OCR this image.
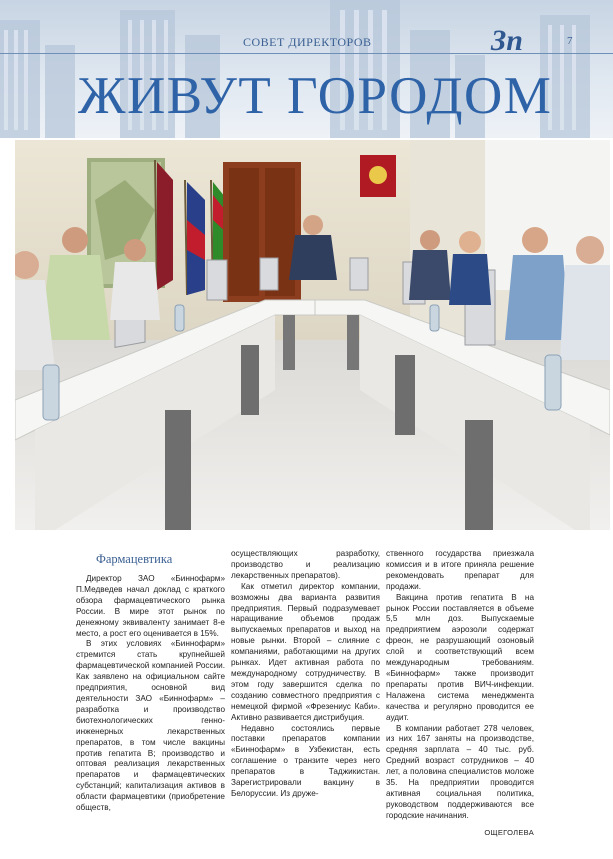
СОВЕТ ДИРЕКТОРОВ	Зп	7
ЖИВУТ ГОРОДОМ
Фармацевтика

Директор ЗАО «Биннофарм» П.Медведев начал доклад с краткого обзора фармацевтического рынка России. В мире этот рынок по денежному эквиваленту занимает 8-е место, а рост его оценивается в 15%.

В этих условиях «Биннофарм» стремится стать крупнейшей фармацевтической компанией России. Как заявлено на официальном сайте предприятия, основной вид деятельности ЗАО «Биннофарм» – разработка и производство биотехнологических генно-инженерных лекарственных препаратов, в том числе вакцины против гепатита В; производство и оптовая реализация лекарственных препаратов и фармацевтических субстанций; капитализация активов в области фармацевтики (приобретение обществ,

осуществляющих разработку, производство и реализацию лекарственных препаратов).

Как отметил директор компании, возможны два варианта развития предприятия. Первый подразумевает наращивание объемов продаж выпускаемых препаратов и выход на новые рынки. Второй – слияние с компаниями, работающими на других рынках. Идет активная работа по международному сотрудничеству. В этом году завершится сделка по созданию совместного предприятия с немецкой фирмой «Фрезениус Каби». Активно развивается дистрибуция.

Недавно состоялись первые поставки препаратов компании «Биннофарм» в Узбекистан, есть соглашение о транзите через него препаратов в Таджикистан. Зарегистрировали вакцину в Белоруссии. Из друже-

ственного государства приезжала комиссия и в итоге приняла решение рекомендовать препарат для продажи.

Вакцина против гепатита В на рынок России поставляется в объеме 5,5 млн доз. Выпускаемые предприятием аэрозоли содержат фреон, не разрушающий озоновый слой и соответствующий всем международным требованиям. «Биннофарм» также производит препараты против ВИЧ-инфекции. Налажена система менеджмента качества и регулярно проводится ее аудит.

В компании работает 278 человек, из них 167 заняты на производстве, средняя зарплата – 40 тыс. руб. Средний возраст сотрудников – 40 лет, а половина специалистов моложе 35. На предприятии проводится активная социальная политика, руководством поддерживаются все городские начинания.

ОЩЕГОЛЕВА
